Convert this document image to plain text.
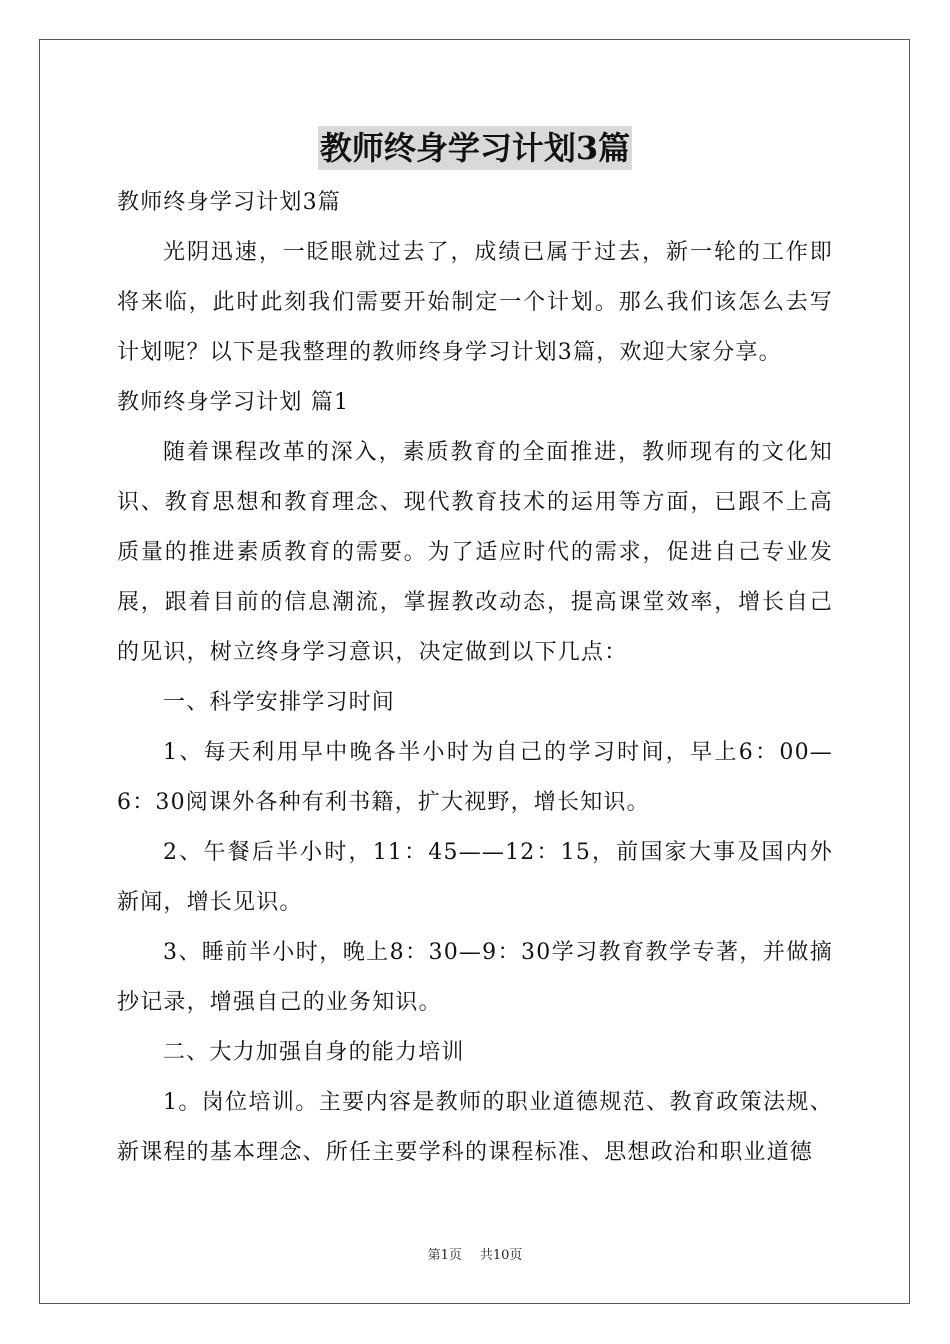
教师终身学习计划3篇

教师终身学习计划3篇

光阴迅速，一眨眼就过去了，成绩已属于过去，新一轮的工作即将来临，此时此刻我们需要开始制定一个计划。那么我们该怎么去写计划呢？以下是我整理的教师终身学习计划3篇，欢迎大家分享。

教师终身学习计划 篇1

随着课程改革的深入，素质教育的全面推进，教师现有的文化知识、教育思想和教育理念、现代教育技术的运用等方面，已跟不上高质量的推进素质教育的需要。为了适应时代的需求，促进自己专业发展，跟着目前的信息潮流，掌握教改动态，提高课堂效率，增长自己的见识，树立终身学习意识，决定做到以下几点：

一、科学安排学习时间

1、每天利用早中晚各半小时为自己的学习时间，早上6：00—6：30阅课外各种有利书籍，扩大视野，增长知识。

2、午餐后半小时，11：45——12：15，前国家大事及国内外新闻，增长见识。

3、睡前半小时，晚上8：30—9：30学习教育教学专著，并做摘抄记录，增强自己的业务知识。

二、大力加强自身的能力培训

1。岗位培训。主要内容是教师的职业道德规范、教育政策法规、新课程的基本理念、所任主要学科的课程标准、思想政治和职业道德

第1页 共10页
